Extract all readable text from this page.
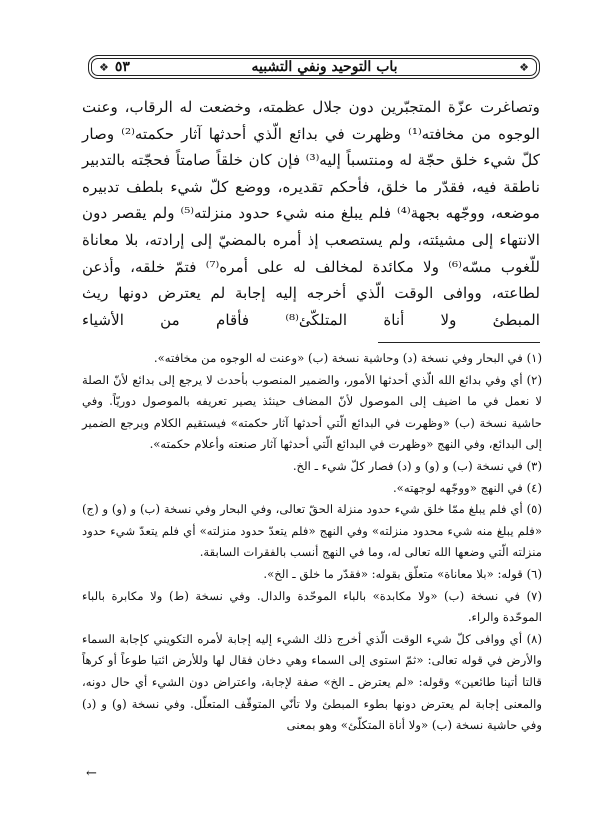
❖ ٥٣	باب التوحيد ونفي التشبيه	❖

وتصاغرت عزّة المتجبّرين دون جلال عظمته، وخضعت له الرقاب، وعنت الوجوه من مخافته⁽¹⁾ وظهرت في بدائع الّذي أحدثها آثار حكمته⁽²⁾ وصار كلّ شيء خلق حجّة له ومنتسباً إليه⁽³⁾ فإن كان خلقاً صامتاً فحجّته بالتدبير ناطقة فيه، فقدّر ما خلق، فأحكم تقديره، ووضع كلّ شيء بلطف تدبيره موضعه، ووجّهه بجهة⁽⁴⁾ فلم يبلغ منه شيء حدود منزلته⁽⁵⁾ ولم يقصر دون الانتهاء إلى مشيئته، ولم يستصعب إذ أمره بالمضيّ إلى إرادته، بلا معاناة للّغوب مسّه⁽⁶⁾ ولا مكائدة لمخالف له على أمره⁽⁷⁾ فتمّ خلقه، وأذعن لطاعته، ووافى الوقت الّذي أخرجه إليه إجابة لم يعترض دونها ريث المبطئ ولا أناة المتلكّئ⁽⁸⁾ فأقام من الأشياء

(١) في البحار وفي نسخة (د) وحاشية نسخة (ب) «وعنت له الوجوه من مخافته».

(٢) أي وفي بدائع الله الّذي أحدثها الأمور، والضمير المنصوب بأحدث لا يرجع إلى بدائع لأنّ الصلة لا نعمل في ما اضيف إلى الموصول لأنّ المضاف حينئذ يصير تعريفه بالموصول دوريّاً. وفي حاشية نسخة (ب) «وظهرت في البدائع الّتي أحدثها آثار حكمته» فيستقيم الكلام ويرجع الضمير إلى البدائع، وفي النهج «وظهرت في البدائع الّتي أحدثها آثار صنعته وأعلام حكمته».

(٣) في نسخة (ب) و (و) و (د) فصار كلّ شيء ـ الخ.

(٤) في النهج «ووجّهه لوجهته».

(٥) أي فلم يبلغ ممّا خلق شيء حدود منزلة الحقّ تعالى، وفي البحار وفي نسخة (ب) و (و) و (ج) «فلم يبلغ منه شيء محدود منزلته» وفي النهج «فلم يتعدّ حدود منزلته» أي فلم يتعدّ شيء حدود منزلته الّتي وضعها الله تعالى له، وما في النهج أنسب بالفقرات السابقة.

(٦) قوله: «بلا معاناة» متعلّق بقوله: «فقدّر ما خلق ـ الخ».

(٧) في نسخة (ب) «ولا مكابدة» بالباء الموحّدة والدال. وفي نسخة (ط) ولا مكابرة بالباء الموحّدة والراء.

(٨) أي ووافى كلّ شيء الوقت الّذي أخرج ذلك الشيء إليه إجابة لأمره التكويني كإجابة السماء والأرض في قوله تعالى: «ثمّ استوى إلى السماء وهي دخان فقال لها وللأرض ائتيا طوعاً أو كرهاً قالتا أتينا طائعين» وقوله: «لم يعترض ـ الخ» صفة لإجابة، واعتراض دون الشيء أي حال دونه، والمعنى إجابة لم يعترض دونها بطوء المبطئ ولا تأنّي المتوقّف المتعلّل. وفي نسخة (و) و (د) وفي حاشية نسخة (ب) «ولا أناة المتكلّئ» وهو بمعنى

←
